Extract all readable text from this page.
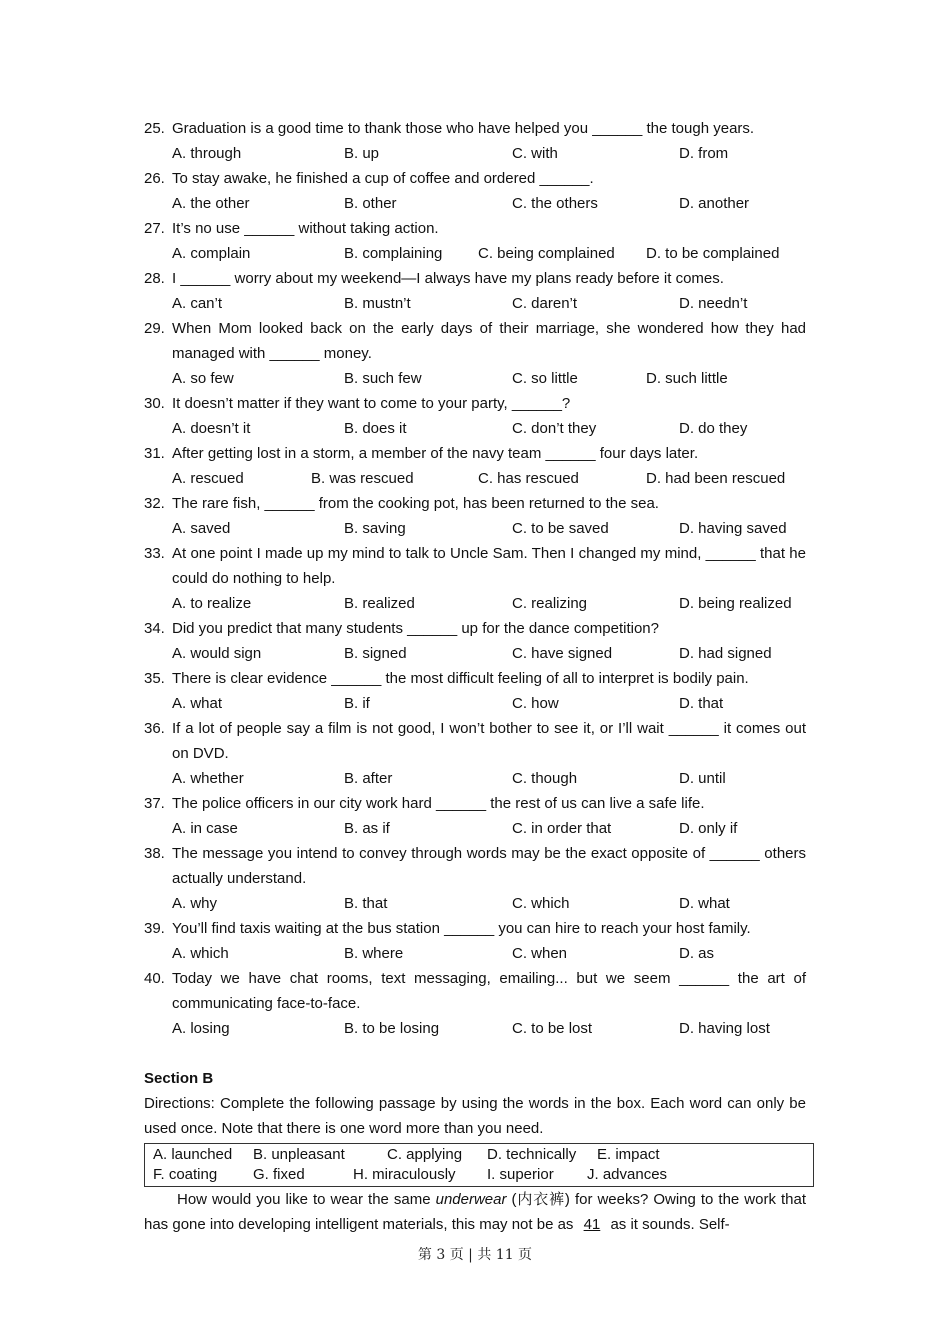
25. Graduation is a good time to thank those who have helped you ______ the tough years.
A. through	B. up	C. with	D. from
26. To stay awake, he finished a cup of coffee and ordered ______.
A. the other	B. other	C. the others	D. another
27. It’s no use ______ without taking action.
A. complain	B. complaining C. being complained D. to be complained
28. I ______ worry about my weekend—I always have my plans ready before it comes.
A. can’t	B. mustn’t	C. daren’t	D. needn’t
29. When Mom looked back on the early days of their marriage, she wondered how they had managed with ______ money.
A. so few	B. such few	C. so little	D. such little
30. It doesn’t matter if they want to come to your party, ______?
A. doesn’t it	B. does it	C. don’t they	D. do they
31. After getting lost in a storm, a member of the navy team ______ four days later.
A. rescued	B. was rescued	C. has rescued	D. had been rescued
32. The rare fish, ______ from the cooking pot, has been returned to the sea.
A. saved	B. saving	C. to be saved	D. having saved
33. At one point I made up my mind to talk to Uncle Sam. Then I changed my mind, ______ that he could do nothing to help.
A. to realize	B. realized	C. realizing	D. being realized
34. Did you predict that many students ______ up for the dance competition?
A. would sign	B. signed	C. have signed	D. had signed
35. There is clear evidence ______ the most difficult feeling of all to interpret is bodily pain.
A. what	B. if	C. how	D. that
36. If a lot of people say a film is not good, I won’t bother to see it, or I’ll wait ______ it comes out on DVD.
A. whether	B. after	C. though	D. until
37. The police officers in our city work hard ______ the rest of us can live a safe life.
A. in case	B. as if	C. in order that	D. only if
38. The message you intend to convey through words may be the exact opposite of ______ others actually understand.
A. why	B. that	C. which	D. what
39. You’ll find taxis waiting at the bus station ______ you can hire to reach your host family.
A. which	B. where	C. when	D. as
40. Today we have chat rooms, text messaging, emailing... but we seem ______ the art of communicating face-to-face.
A. losing	B. to be losing	C. to be lost	D. having lost
Section B
Directions: Complete the following passage by using the words in the box. Each word can only be used once. Note that there is one word more than you need.
A. launched B. unpleasant	C. applying D. technically E. impact
F. coating G. fixed	H. miraculously I. superior J. advances
How would you like to wear the same underwear (内衣裤) for weeks? Owing to the work that has gone into developing intelligent materials, this may not be as 41 as it sounds. Self-
第 3 页 | 共 11 页
